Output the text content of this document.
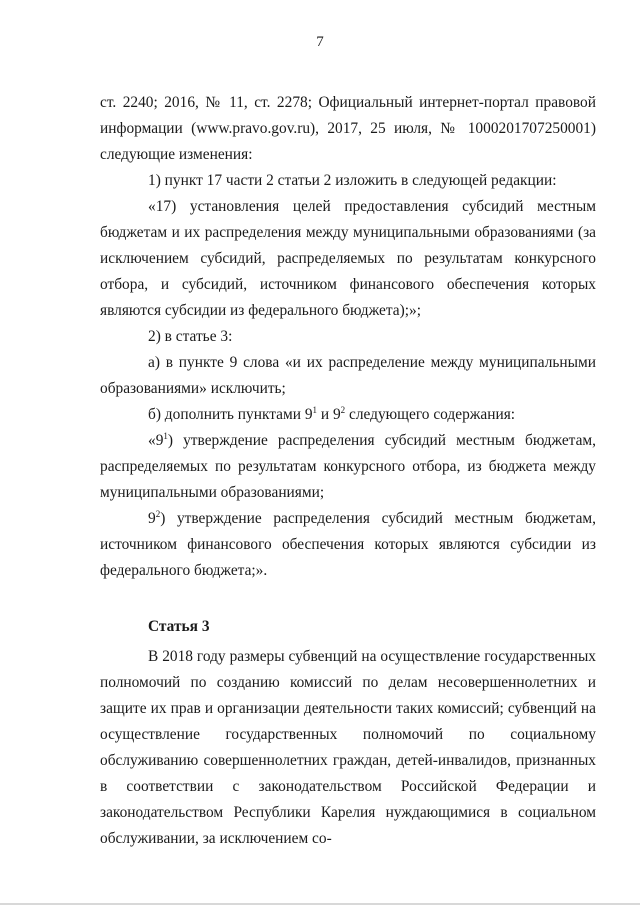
7

ст. 2240; 2016, № 11, ст. 2278; Официальный интернет-портал правовой информации (www.pravo.gov.ru), 2017, 25 июля, № 1000201707250001) следующие изменения:

1) пункт 17 части 2 статьи 2 изложить в следующей редакции:

«17) установления целей предоставления субсидий местным бюджетам и их распределения между муниципальными образованиями (за исключением субсидий, распределяемых по результатам конкурсного отбора, и субсидий, источником финансового обеспечения которых являются субсидии из федерального бюджета);»;

2) в статье 3:

а) в пункте 9 слова «и их распределение между муниципальными образованиями» исключить;

б) дополнить пунктами $9^1$ и $9^2$ следующего содержания:

«$9^1$) утверждение распределения субсидий местным бюджетам, распределяемых по результатам конкурсного отбора, из бюджета между муниципальными образованиями;

$9^2$) утверждение распределения субсидий местным бюджетам, источником финансового обеспечения которых являются субсидии из федерального бюджета;».

Статья 3

В 2018 году размеры субвенций на осуществление государственных полномочий по созданию комиссий по делам несовершеннолетних и защите их прав и организации деятельности таких комиссий; субвенций на осуществление государственных полномочий по социальному обслуживанию совершеннолетних граждан, детей-инвалидов, признанных в соответствии с законодательством Российской Федерации и законодательством Республики Карелия нуждающимися в социальном обслуживании, за исключением со-
